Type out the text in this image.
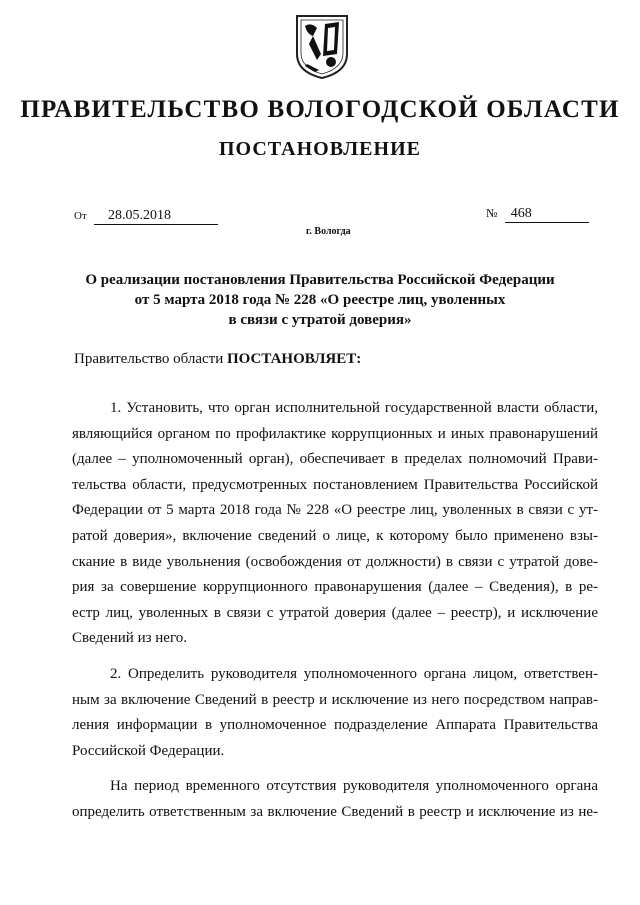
ПРАВИТЕЛЬСТВО ВОЛОГОДСКОЙ ОБЛАСТИ
ПОСТАНОВЛЕНИЕ
От 28.05.2018	№ 468
г. Вологда
О реализации постановления Правительства Российской Федерации
от 5 марта 2018 года № 228 «О реестре лиц, уволенных
в связи с утратой доверия»
Правительство области ПОСТАНОВЛЯЕТ:
1. Установить, что орган исполнительной государственной власти области,
являющийся органом по профилактике коррупционных и иных правонарушений
(далее – уполномоченный орган), обеспечивает в пределах полномочий Прави-
тельства области, предусмотренных постановлением Правительства Российской
Федерации от 5 марта 2018 года № 228 «О реестре лиц, уволенных в связи с ут-
ратой доверия», включение сведений о лице, к которому было применено взы-
скание в виде увольнения (освобождения от должности) в связи с утратой дове-
рия за совершение коррупционного правонарушения (далее – Сведения), в ре-
естр лиц, уволенных в связи с утратой доверия (далее – реестр), и исключение
Сведений из него.
2. Определить руководителя уполномоченного органа лицом, ответствен-
ным за включение Сведений в реестр и исключение из него посредством направ-
ления информации в уполномоченное подразделение Аппарата Правительства
Российской Федерации.
На период временного отсутствия руководителя уполномоченного органа
определить ответственным за включение Сведений в реестр и исключение из не-
